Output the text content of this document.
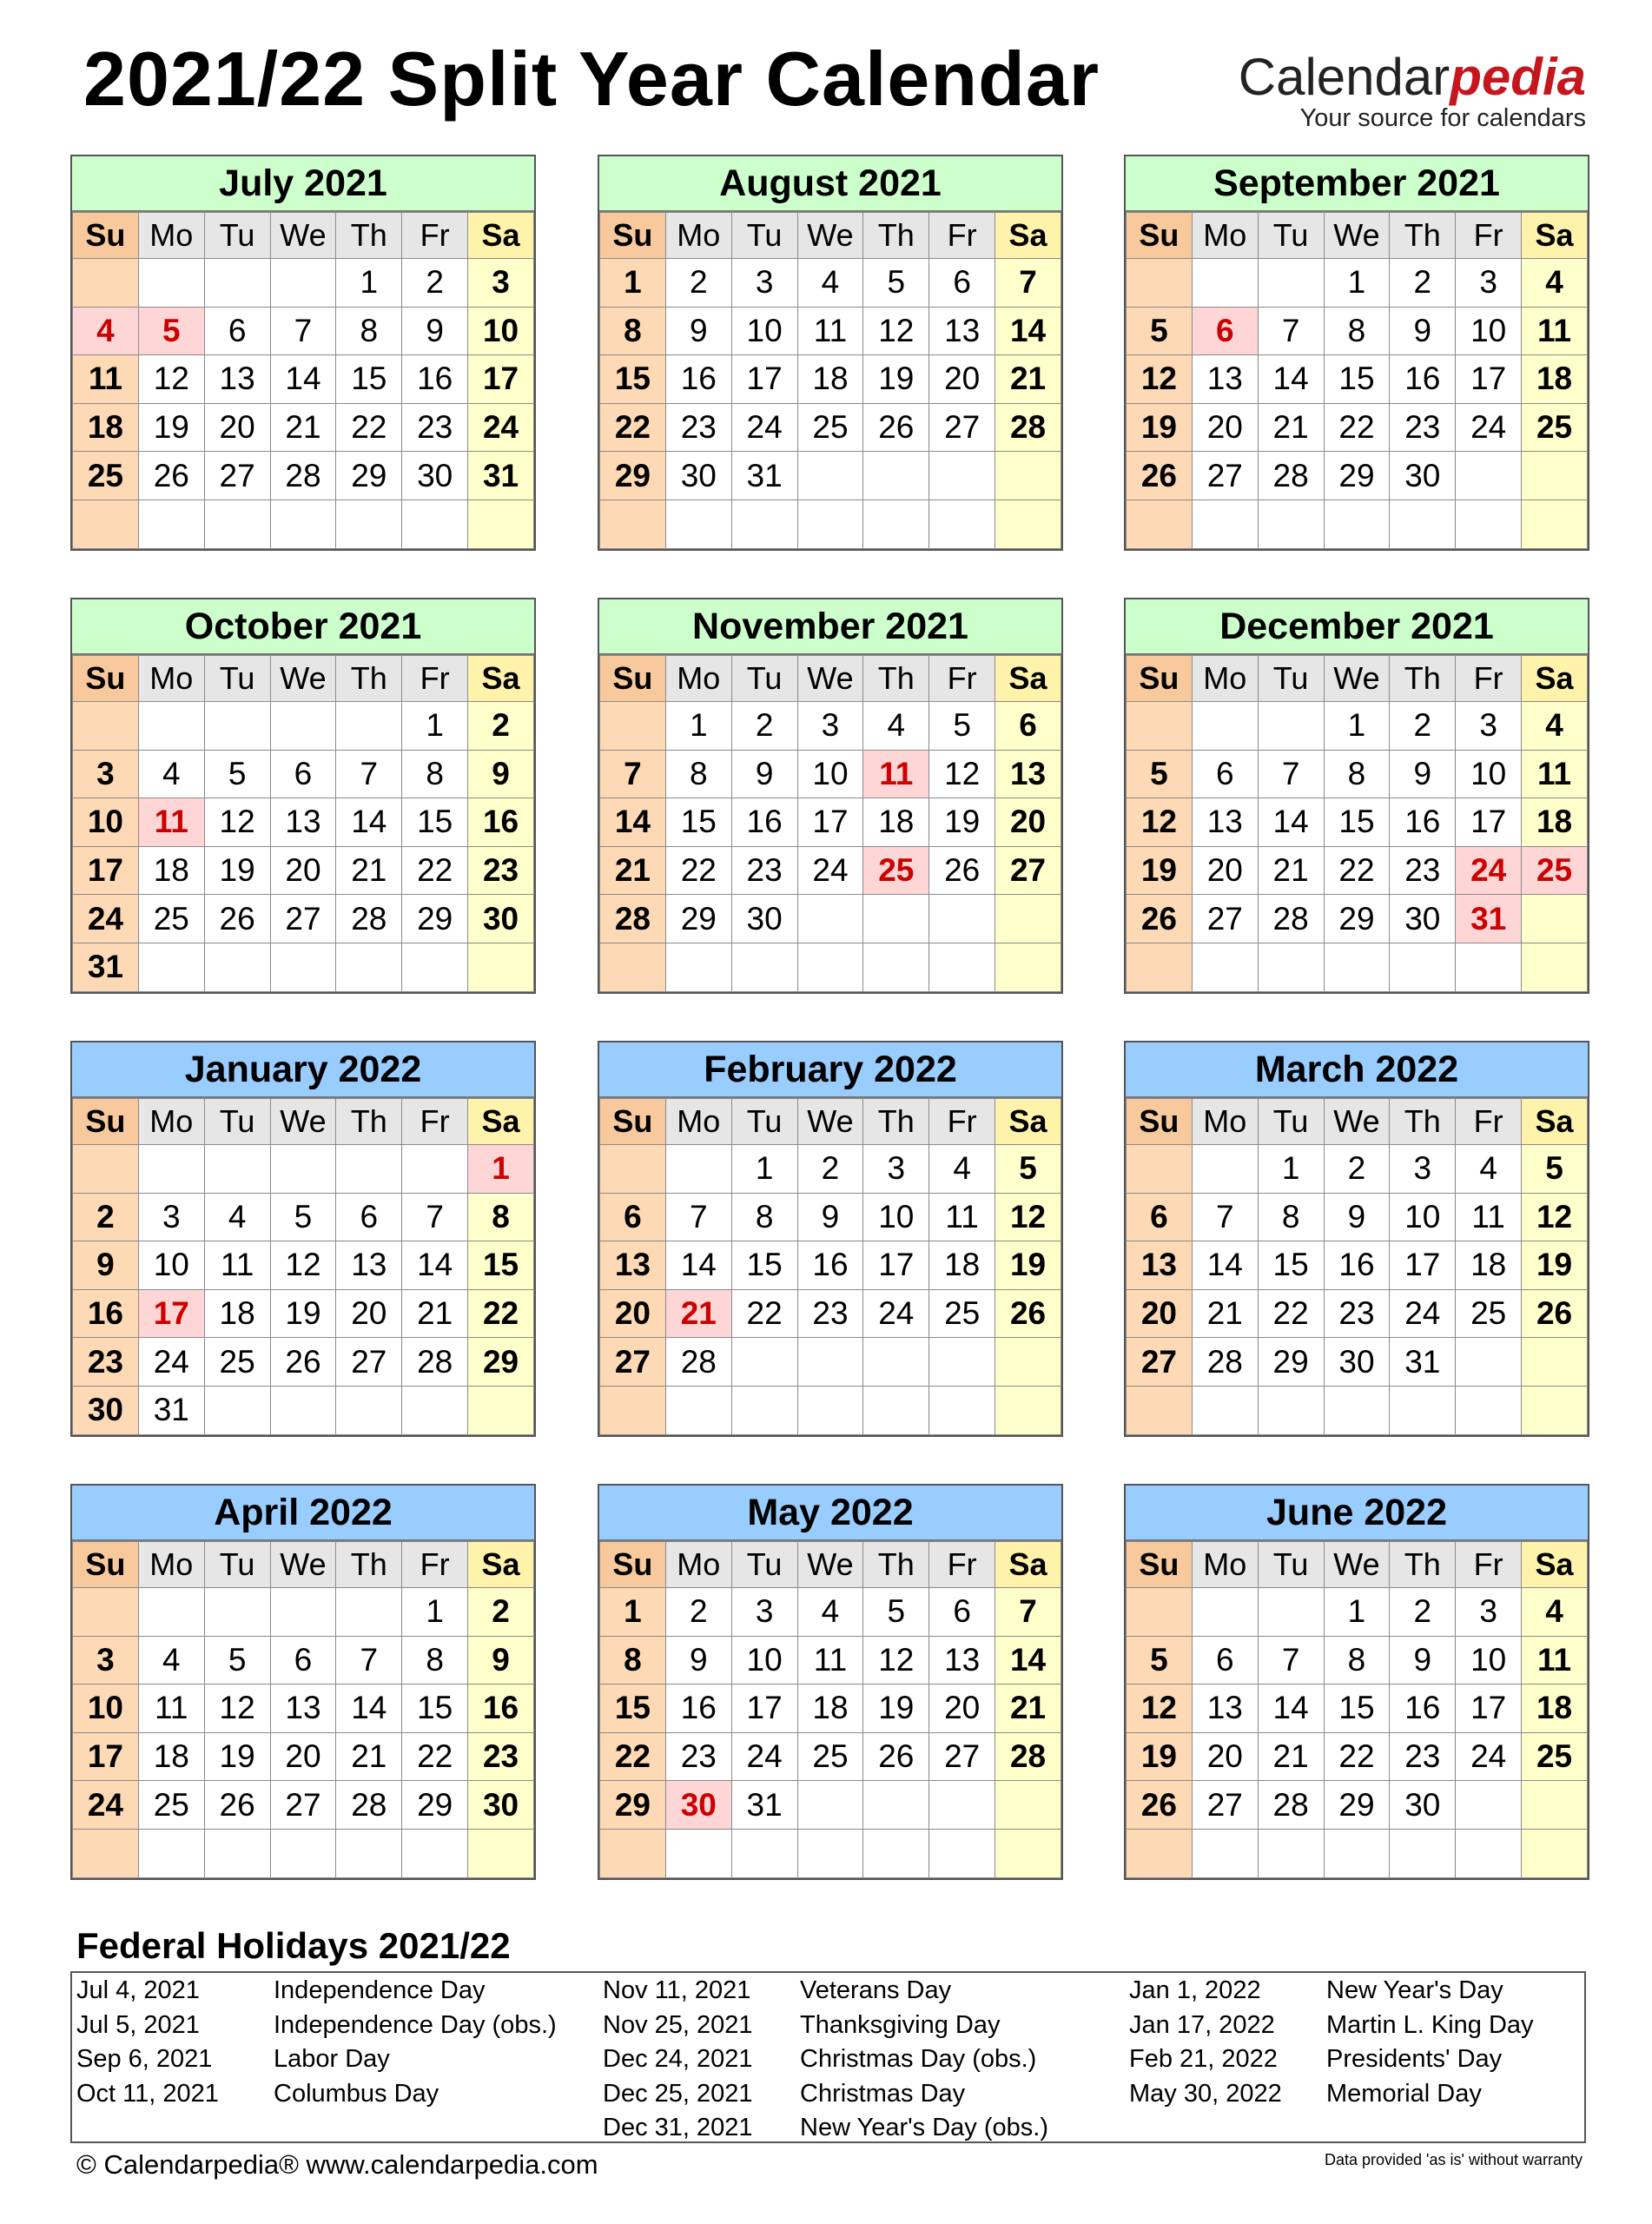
2021/22 Split Year Calendar	Calendarpedia
Your source for calendars
July 2021
Su	Mo	Tu	We	Th	Fr	Sa
				1	2	3
4	5	6	7	8	9	10
11	12	13	14	15	16	17
18	19	20	21	22	23	24
25	26	27	28	29	30	31

August 2021
Su	Mo	Tu	We	Th	Fr	Sa
1	2	3	4	5	6	7
8	9	10	11	12	13	14
15	16	17	18	19	20	21
22	23	24	25	26	27	28
29	30	31				

September 2021
Su	Mo	Tu	We	Th	Fr	Sa
			1	2	3	4
5	6	7	8	9	10	11
12	13	14	15	16	17	18
19	20	21	22	23	24	25
26	27	28	29	30		

October 2021
Su	Mo	Tu	We	Th	Fr	Sa
					1	2
3	4	5	6	7	8	9
10	11	12	13	14	15	16
17	18	19	20	21	22	23
24	25	26	27	28	29	30
31						
November 2021
Su	Mo	Tu	We	Th	Fr	Sa
	1	2	3	4	5	6
7	8	9	10	11	12	13
14	15	16	17	18	19	20
21	22	23	24	25	26	27
28	29	30				

December 2021
Su	Mo	Tu	We	Th	Fr	Sa
			1	2	3	4
5	6	7	8	9	10	11
12	13	14	15	16	17	18
19	20	21	22	23	24	25
26	27	28	29	30	31	

January 2022
Su	Mo	Tu	We	Th	Fr	Sa
						1
2	3	4	5	6	7	8
9	10	11	12	13	14	15
16	17	18	19	20	21	22
23	24	25	26	27	28	29
30	31					
February 2022
Su	Mo	Tu	We	Th	Fr	Sa
		1	2	3	4	5
6	7	8	9	10	11	12
13	14	15	16	17	18	19
20	21	22	23	24	25	26
27	28					

March 2022
Su	Mo	Tu	We	Th	Fr	Sa
		1	2	3	4	5
6	7	8	9	10	11	12
13	14	15	16	17	18	19
20	21	22	23	24	25	26
27	28	29	30	31		

April 2022
Su	Mo	Tu	We	Th	Fr	Sa
					1	2
3	4	5	6	7	8	9
10	11	12	13	14	15	16
17	18	19	20	21	22	23
24	25	26	27	28	29	30

May 2022
Su	Mo	Tu	We	Th	Fr	Sa
1	2	3	4	5	6	7
8	9	10	11	12	13	14
15	16	17	18	19	20	21
22	23	24	25	26	27	28
29	30	31				

June 2022
Su	Mo	Tu	We	Th	Fr	Sa
			1	2	3	4
5	6	7	8	9	10	11
12	13	14	15	16	17	18
19	20	21	22	23	24	25
26	27	28	29	30		

Federal Holidays 2021/22
Jul 4, 2021	Independence Day
Jul 5, 2021	Independence Day (obs.)
Sep 6, 2021 Labor Day
Oct 11, 2021 Columbus Day
Nov 11, 2021 Veterans Day
Nov 25, 2021 Thanksgiving Day
Dec 24, 2021 Christmas Day (obs.)
Dec 25, 2021 Christmas Day
Dec 31, 2021 New Year's Day (obs.)
Jan 1, 2022	New Year's Day
Jan 17, 2022 Martin L. King Day
Feb 21, 2022 Presidents' Day
May 30, 2022 Memorial Day
© Calendarpedia® www.calendarpedia.com	Data provided 'as is' without warranty
